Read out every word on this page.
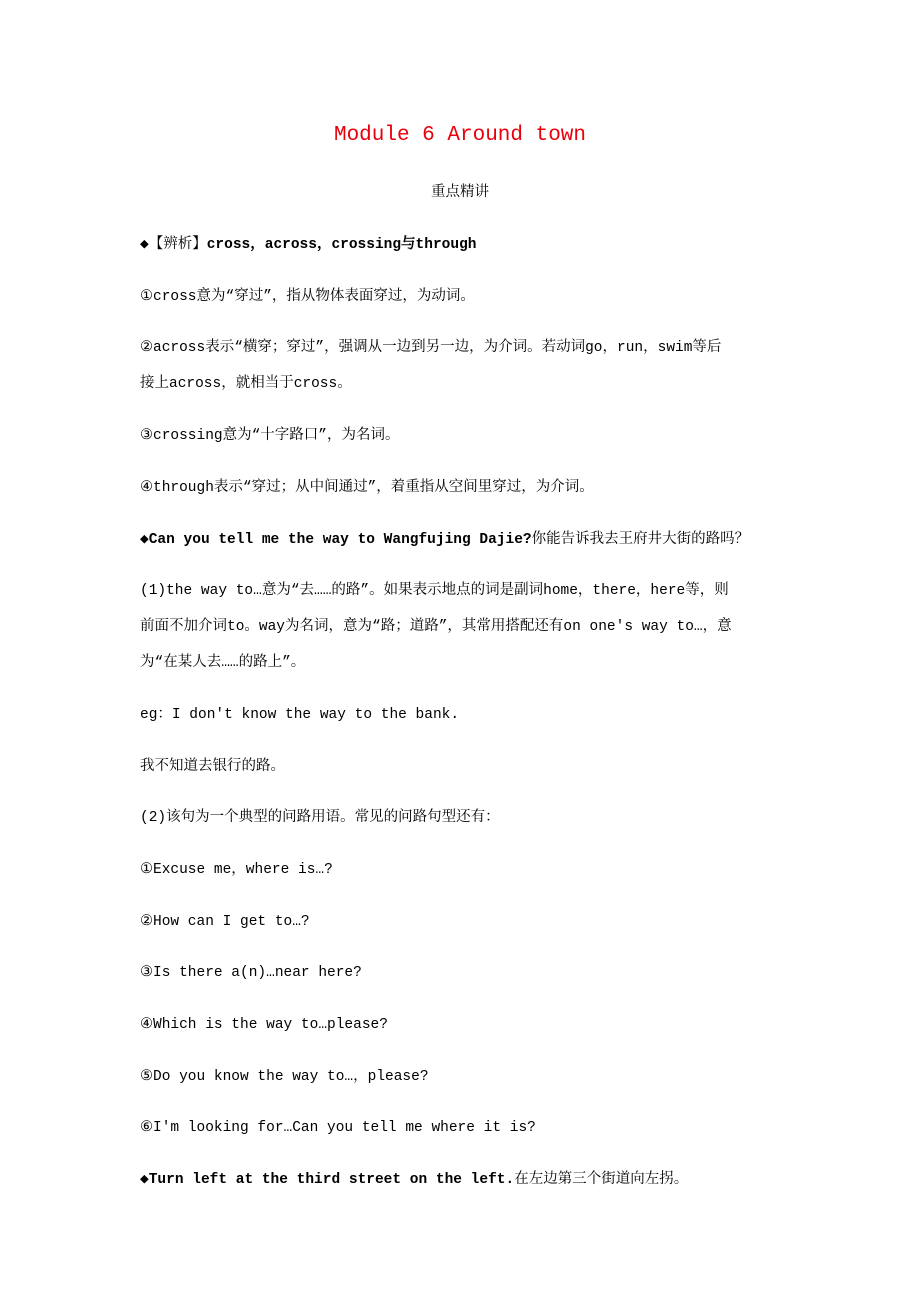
Module 6 Around town
重点精讲
◆【辨析】cross，across，crossing与through
①cross意为“穿过”，指从物体表面穿过，为动词。
②across表示“横穿；穿过”，强调从一边到另一边，为介词。若动词go，run，swim等后
接上across，就相当于cross。
③crossing意为“十字路口”，为名词。
④through表示“穿过；从中间通过”，着重指从空间里穿过，为介词。
◆Can you tell me the way to Wangfujing Dajie?你能告诉我去王府井大街的路吗？
(1)the way to…意为“去……的路”。如果表示地点的词是副词home，there，here等，则
前面不加介词to。way为名词，意为“路；道路”，其常用搭配还有on one's way to…，意
为“在某人去……的路上”。
eg：I don't know the way to the bank.
我不知道去银行的路。
(2)该句为一个典型的问路用语。常见的问路句型还有：
①Excuse me，where is…?
②How can I get to…?
③Is there a(n)…near here?
④Which is the way to…please?
⑤Do you know the way to…，please?
⑥I'm looking for…Can you tell me where it is?
◆Turn left at the third street on the left.在左边第三个街道向左拐。
